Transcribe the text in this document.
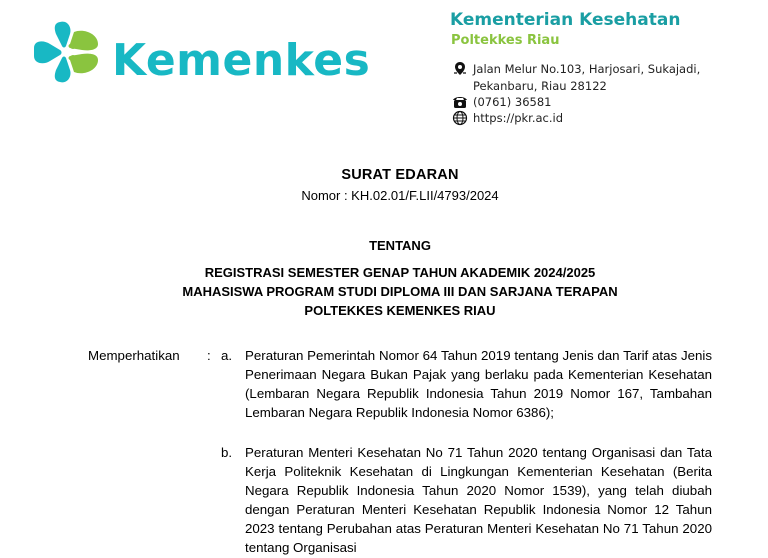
Kemenkes
Kementerian Kesehatan
Poltekkes Riau
Jalan Melur No.103, Harjosari, Sukajadi,
Pekanbaru, Riau 28122
(0761) 36581
https://pkr.ac.id
SURAT EDARAN
Nomor : KH.02.01/F.LII/4793/2024
TENTANG
REGISTRASI SEMESTER GENAP TAHUN AKADEMIK 2024/2025
MAHASISWA PROGRAM STUDI DIPLOMA III DAN SARJANA TERAPAN
POLTEKKES KEMENKES RIAU
Memperhatikan : a. Peraturan Pemerintah Nomor 64 Tahun 2019 tentang Jenis dan Tarif atas Jenis Penerimaan Negara Bukan Pajak yang berlaku pada Kementerian Kesehatan (Lembaran Negara Republik Indonesia Tahun 2019 Nomor 167, Tambahan Lembaran Negara Republik Indonesia Nomor 6386);
b. Peraturan Menteri Kesehatan No 71 Tahun 2020 tentang Organisasi dan Tata Kerja Politeknik Kesehatan di Lingkungan Kementerian Kesehatan (Berita Negara Republik Indonesia Tahun 2020 Nomor 1539), yang telah diubah dengan Peraturan Menteri Kesehatan Republik Indonesia Nomor 12 Tahun 2023 tentang Perubahan atas Peraturan Menteri Kesehatan No 71 Tahun 2020 tentang Organisasi
